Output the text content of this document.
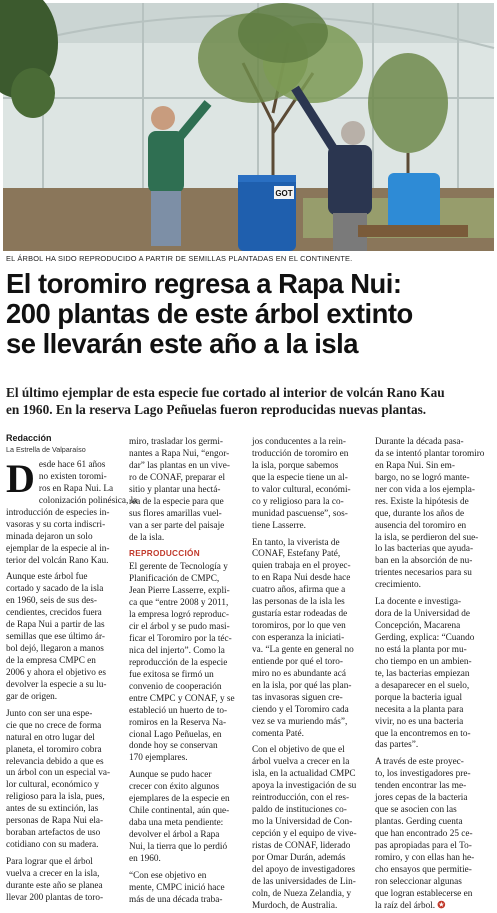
GOT
EL ÁRBOL HA SIDO REPRODUCIDO A PARTIR DE SEMILLAS PLANTADAS EN EL CONTINENTE.
El toromiro regresa a Rapa Nui:
200 plantas de este árbol extinto
se llevarán este año a la isla
El último ejemplar de esta especie fue cortado al interior de volcán Rano Kau
en 1960. En la reserva Lago Peñuelas fueron reproducidas nuevas plantas.
Redacción
La Estrella de Valparaíso
D esde hace 61 años
no existen toromi-
ros en Rapa Nui. La
colonización polinésica, la
introducción de especies in-
vasoras y su corta indiscri-
minada dejaron un solo
ejemplar de la especie al in-
terior del volcán Rano Kau.
Aunque este árbol fue
cortado y sacado de la isla
en 1960, seis de sus des-
cendientes, crecidos fuera
de Rapa Nui a partir de las
semillas que ese último ár-
bol dejó, llegaron a manos
de la empresa CMPC en
2006 y ahora el objetivo es
devolver la especie a su lu-
gar de origen.
Junto con ser una espe-
cie que no crece de forma
natural en otro lugar del
planeta, el toromiro cobra
relevancia debido a que es
un árbol con un especial va-
lor cultural, económico y
religioso para la isla, pues,
antes de su extinción, las
personas de Rapa Nui ela-
boraban artefactos de uso
cotidiano con su madera.
Para lograr que el árbol
vuelva a crecer en la isla,
durante este año se planea
llevar 200 plantas de toro-
miro, trasladar los germi-
nantes a Rapa Nui, “engor-
dar” las plantas en un vive-
ro de CONAF, preparar el
sitio y plantar una hectá-
rea de la especie para que
sus flores amarillas vuel-
van a ser parte del paisaje
de la isla.
REPRODUCCIÓN
El gerente de Tecnología y
Planificación de CMPC,
Jean Pierre Lasserre, expli-
ca que “entre 2008 y 2011,
la empresa logró reproduc-
cir el árbol y se pudo masi-
ficar el Toromiro por la téc-
nica del injerto”. Como la
reproducción de la especie
fue exitosa se firmó un
convenio de cooperación
entre CMPC y CONAF, y se
estableció un huerto de to-
romiros en la Reserva Na-
cional Lago Peñuelas, en
donde hoy se conservan
170 ejemplares.
Aunque se pudo hacer
crecer con éxito algunos
ejemplares de la especie en
Chile continental, aún que-
daba una meta pendiente:
devolver el árbol a Rapa
Nui, la tierra que lo perdió
en 1960.
“Con ese objetivo en
mente, CMPC inició hace
más de una década traba-
jos conducentes a la rein-
troducción de toromiro en
la isla, porque sabemos
que la especie tiene un al-
to valor cultural, económi-
co y religioso para la co-
munidad pascuense”, sos-
tiene Lasserre.
En tanto, la viverista de
CONAF, Estefany Paté,
quien trabaja en el proyec-
to en Rapa Nui desde hace
cuatro años, afirma que a
las personas de la isla les
gustaría estar rodeadas de
toromiros, por lo que ven
con esperanza la iniciati-
va. “La gente en general no
entiende por qué el toro-
miro no es abundante acá
en la isla, por qué las plan-
tas invasoras siguen cre-
ciendo y el Toromiro cada
vez se va muriendo más”,
comenta Paté.
Con el objetivo de que el
árbol vuelva a crecer en la
isla, en la actualidad CMPC
apoya la investigación de su
reintroducción, con el res-
paldo de instituciones co-
mo la Universidad de Con-
cepción y el equipo de vive-
ristas de CONAF, liderado
por Omar Durán, además
del apoyo de investigadores
de las universidades de Lin-
coln, de Nueza Zelandia, y
Murdoch, de Australia.
Durante la década pasa-
da se intentó plantar toromiro
en Rapa Nui. Sin em-
bargo, no se logró mante-
ner con vida a los ejempla-
res. Existe la hipótesis de
que, durante los años de
ausencia del toromiro en
la isla, se perdieron del sue-
lo las bacterias que ayuda-
ban en la absorción de nu-
trientes necesarios para su
crecimiento.
La docente e investiga-
dora de la Universidad de
Concepción, Macarena
Gerding, explica: “Cuando
no está la planta por mu-
cho tiempo en un ambien-
te, las bacterias empiezan
a desaparecer en el suelo,
porque la bacteria igual
necesita a la planta para
vivir, no es una bacteria
que la encontremos en to-
das partes”.
A través de este proyec-
to, los investigadores pre-
tenden encontrar las me-
jores cepas de la bacteria
que se asocien con las
plantas. Gerding cuenta
que han encontrado 25 ce-
pas apropiadas para el To-
romiro, y con ellas han he-
cho ensayos que permitie-
ron seleccionar algunas
que logran establecerse en
la raíz del árbol. ✪
